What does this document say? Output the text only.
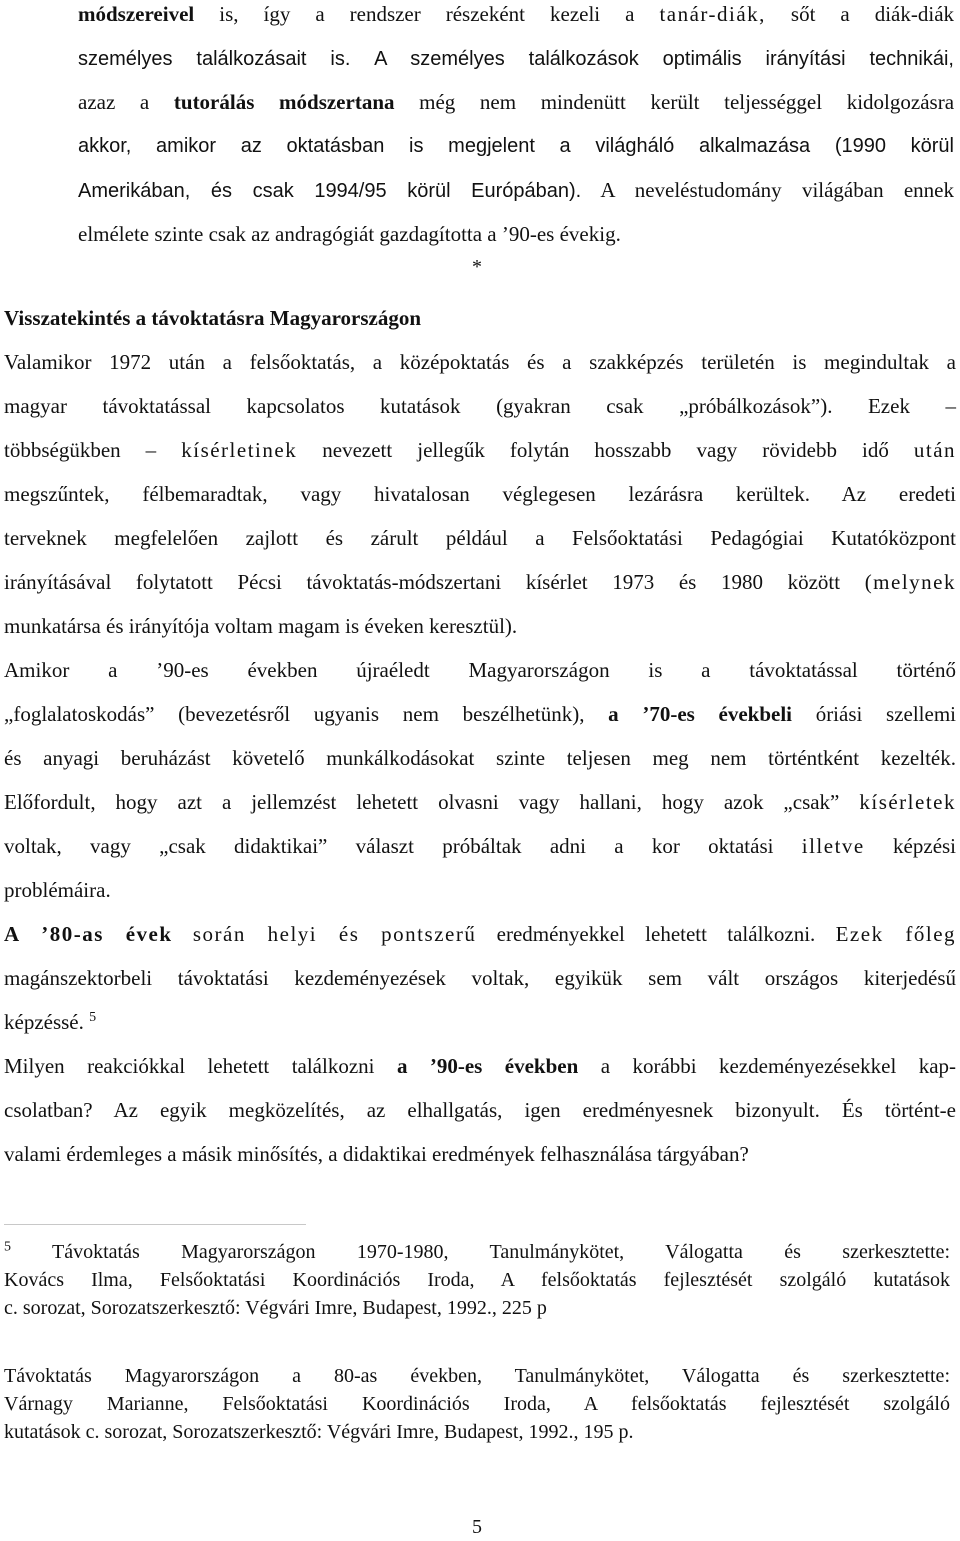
módszereivel is, így a rendszer részeként kezeli a tanár-diák, sőt a diák-diák
személyes találkozásait is. A személyes találkozások optimális irányítási technikái,
azaz a tutorálás módszertana még nem mindenütt került teljességgel kidolgozásra
akkor, amikor az oktatásban is megjelent a világháló alkalmazása (1990 körül
Amerikában, és csak 1994/95 körül Európában). A neveléstudomány világában ennek
elmélete szinte csak az andragógiát gazdagította a ’90-es évekig.
*
Visszatekintés a távoktatásra Magyarországon
Valamikor 1972 után a felsőoktatás, a középoktatás és a szakképzés területén is megindultak a
magyar távoktatással kapcsolatos kutatások (gyakran csak „próbálkozások”). Ezek –
többségükben – kísérletinek nevezett jellegűk folytán hosszabb vagy rövidebb idő után
megszűntek, félbemaradtak, vagy hivatalosan véglegesen lezárásra kerültek. Az eredeti
terveknek megfelelően zajlott és zárult például a Felsőoktatási Pedagógiai Kutatóközpont
irányításával folytatott Pécsi távoktatás-módszertani kísérlet 1973 és 1980 között (melynek
munkatársa és irányítója voltam magam is éveken keresztül).
Amikor a ’90-es években újraéledt Magyarországon is a távoktatással történő
„foglalatoskodás” (bevezetésről ugyanis nem beszélhetünk), a ’70-es évekbeli óriási szellemi
és anyagi beruházást követelő munkálkodásokat szinte teljesen meg nem történtként kezelték.
Előfordult, hogy azt a jellemzést lehetett olvasni vagy hallani, hogy azok „csak” kísérletek
voltak, vagy „csak didaktikai” választ próbáltak adni a kor oktatási illetve képzési
problémáira.
A ’80-as évek során helyi és pontszerű eredményekkel lehetett találkozni. Ezek főleg
magánszektorbeli távoktatási kezdeményezések voltak, egyikük sem vált országos kiterjedésű
képzéssé. $^5$
Milyen reakciókkal lehetett találkozni a ’90-es években a korábbi kezdeményezésekkel kap-
csolatban? Az egyik megközelítés, az elhallgatás, igen eredményesnek bizonyult. És történt-e
valami érdemleges a másik minősítés, a didaktikai eredmények felhasználása tárgyában?
$^5$ Távoktatás Magyarországon 1970-1980, Tanulmánykötet, Válogatta és szerkesztette:
Kovács Ilma, Felsőoktatási Koordinációs Iroda, A felsőoktatás fejlesztését szolgáló kutatások
c. sorozat, Sorozatszerkesztő: Végvári Imre, Budapest, 1992., 225 p
Távoktatás Magyarországon a 80-as években, Tanulmánykötet, Válogatta és szerkesztette:
Várnagy Marianne, Felsőoktatási Koordinációs Iroda, A felsőoktatás fejlesztését szolgáló
kutatások c. sorozat, Sorozatszerkesztő: Végvári Imre, Budapest, 1992., 195 p.
5
